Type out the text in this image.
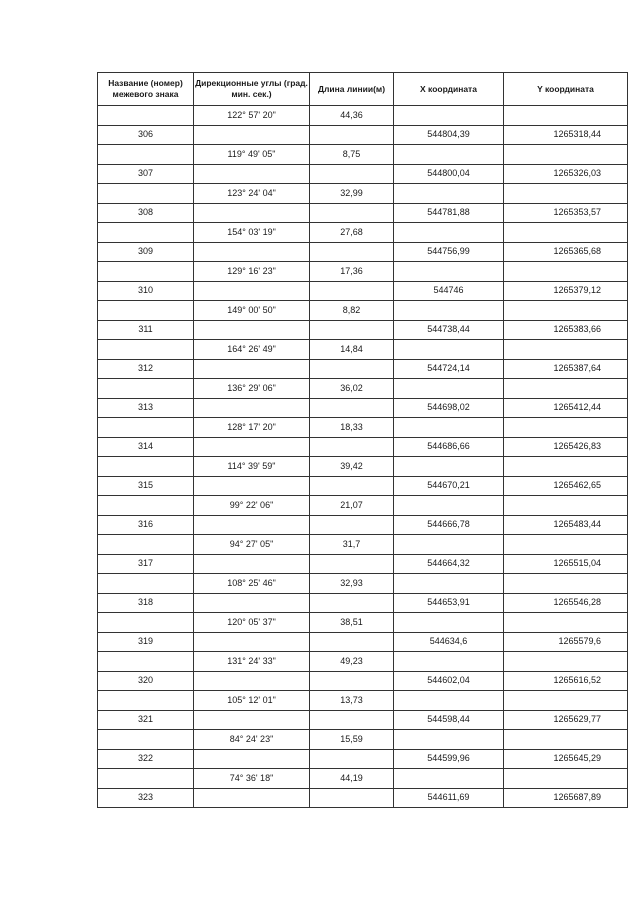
Название (номер) межевого знака	Дирекционные углы (град. мин. сек.)	Длина линии(м)	X координата	Y координата
	122° 57' 20"	44,36		
306			544804,39	1265318,44
	119° 49' 05"	8,75		
307			544800,04	1265326,03
	123° 24' 04"	32,99		
308			544781,88	1265353,57
	154° 03' 19"	27,68		
309			544756,99	1265365,68
	129° 16' 23"	17,36		
310			544746	1265379,12
	149° 00' 50"	8,82		
311			544738,44	1265383,66
	164° 26' 49"	14,84		
312			544724,14	1265387,64
	136° 29' 06"	36,02		
313			544698,02	1265412,44
	128° 17' 20"	18,33		
314			544686,66	1265426,83
	114° 39' 59"	39,42		
315			544670,21	1265462,65
	99° 22' 06"	21,07		
316			544666,78	1265483,44
	94° 27' 05"	31,7		
317			544664,32	1265515,04
	108° 25' 46"	32,93		
318			544653,91	1265546,28
	120° 05' 37"	38,51		
319			544634,6	1265579,6
	131° 24' 33"	49,23		
320			544602,04	1265616,52
	105° 12' 01"	13,73		
321			544598,44	1265629,77
	84° 24' 23"	15,59		
322			544599,96	1265645,29
	74° 36' 18"	44,19		
323			544611,69	1265687,89
